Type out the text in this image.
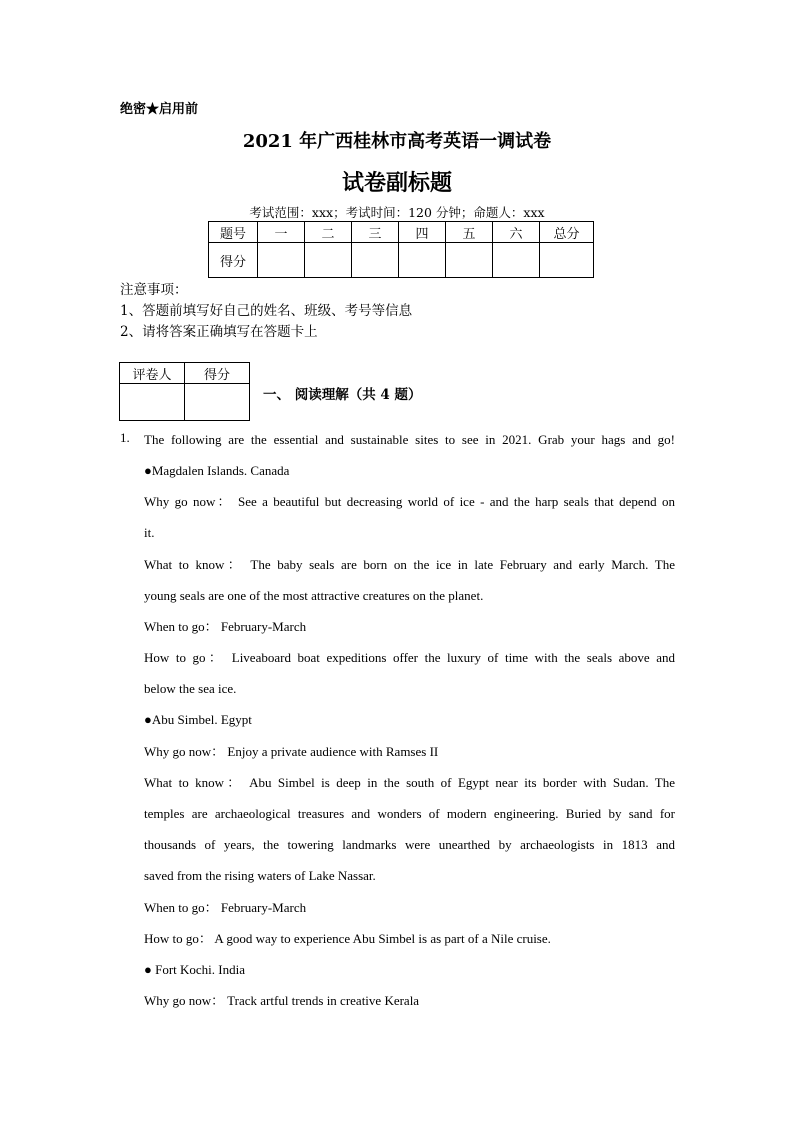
绝密★启用前
2021 年广西桂林市高考英语一调试卷
试卷副标题
考试范围：xxx；考试时间：120 分钟；命题人：xxx
题号	一	二	三	四	五	六	总分
得分							
注意事项：
1、答题前填写好自己的姓名、班级、考号等信息
2、请将答案正确填写在答题卡上
评卷人	得分

一、 阅读理解（共 4 题）
1. The following are the essential and sustainable sites to see in 2021. Grab your hags and go!
●Magdalen Islands. Canada
Why go now： See a beautiful but decreasing world of ice - and the harp seals that depend on
it.
What to know： The baby seals are born on the ice in late February and early March. The
young seals are one of the most attractive creatures on the planet.
When to go： February-March
How to go： Liveaboard boat expeditions offer the luxury of time with the seals above and
below the sea ice.
●Abu Simbel. Egypt
Why go now： Enjoy a private audience with Ramses II
What to know： Abu Simbel is deep in the south of Egypt near its border with Sudan. The
temples are archaeological treasures and wonders of modern engineering. Buried by sand for
thousands of years, the towering landmarks were unearthed by archaeologists in 1813 and
saved from the rising waters of Lake Nassar.
When to go： February-March
How to go： A good way to experience Abu Simbel is as part of a Nile cruise.
● Fort Kochi. India
Why go now： Track artful trends in creative Kerala
